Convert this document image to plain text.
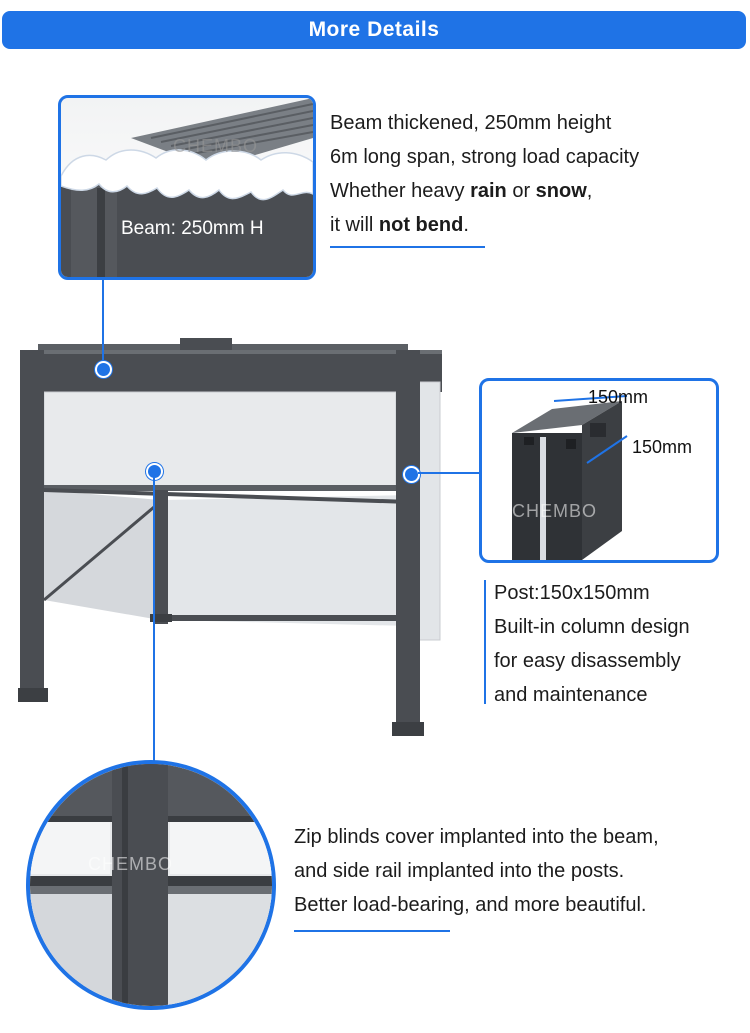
More Details
CHEMBO
Beam: 250mm H
Beam thickened, 250mm height
6m long span, strong load capacity
Whether heavy rain or snow,
it will not bend.
150mm
150mm
CHEMBO
Post:150x150mm
Built-in column design
for easy disassembly
and maintenance
CHEMBO
Zip blinds cover implanted into the beam,
and side rail implanted into the posts.
Better load-bearing, and more beautiful.
